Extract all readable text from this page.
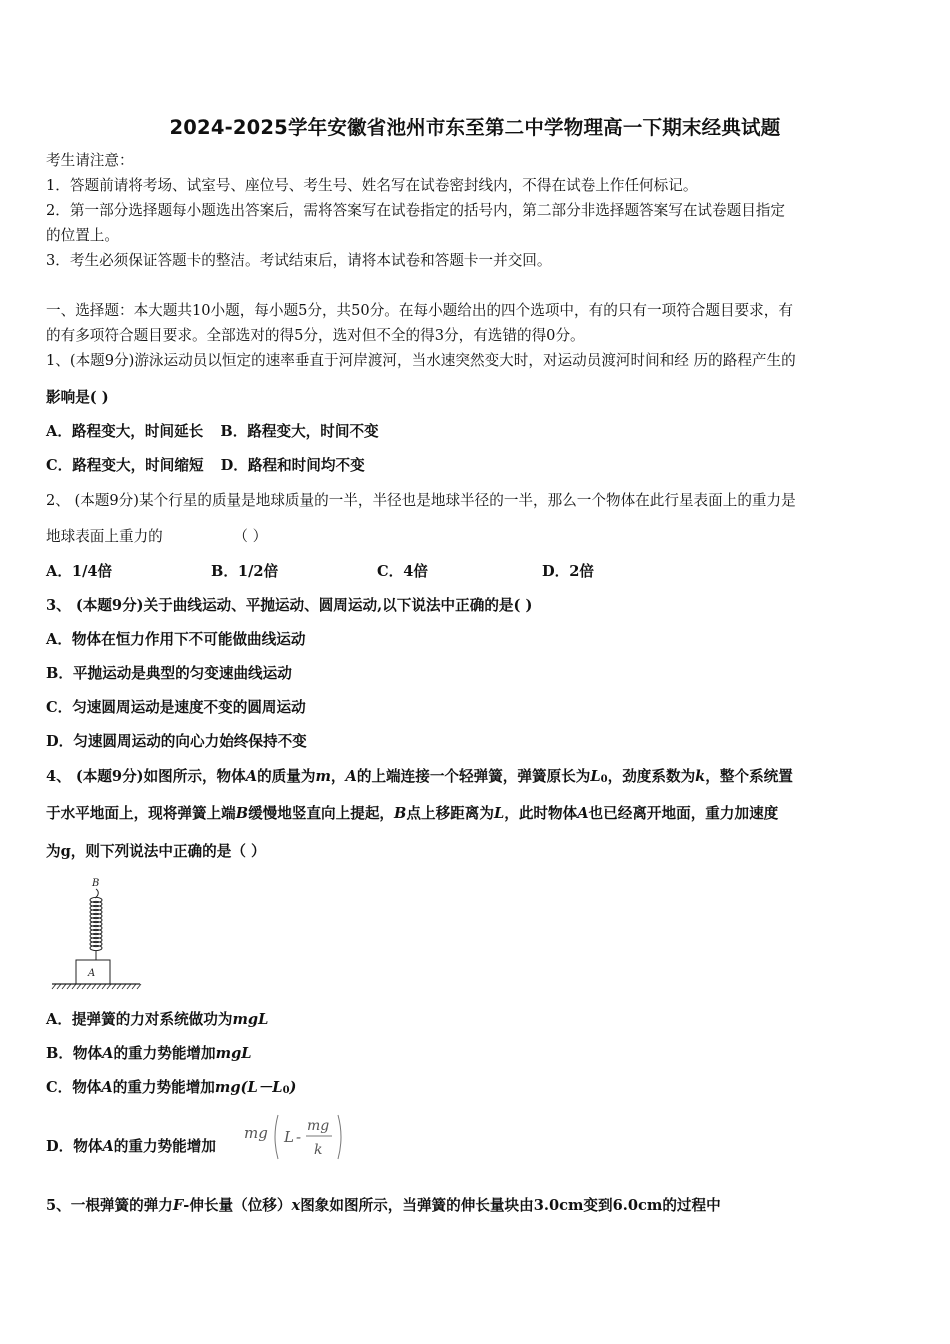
2024-2025学年安徽省池州市东至第二中学物理高一下期末经典试题
考生请注意：
1．答题前请将考场、试室号、座位号、考生号、姓名写在试卷密封线内，不得在试卷上作任何标记。
2．第一部分选择题每小题选出答案后，需将答案写在试卷指定的括号内，第二部分非选择题答案写在试卷题目指定
的位置上。
3．考生必须保证答题卡的整洁。考试结束后，请将本试卷和答题卡一并交回。
一、选择题：本大题共10小题，每小题5分，共50分。在每小题给出的四个选项中，有的只有一项符合题目要求，有
的有多项符合题目要求。全部选对的得5分，选对但不全的得3分，有选错的得0分。
1、(本题9分)游泳运动员以恒定的速率垂直于河岸渡河，当水速突然变大时，对运动员渡河时间和经 历的路程产生的
影响是( )
A．路程变大，时间延长 B．路程变大，时间不变
C．路程变大，时间缩短 D．路程和时间均不变
2、 (本题9分)某个行星的质量是地球质量的一半，半径也是地球半径的一半，那么一个物体在此行星表面上的重力是
地球表面上重力的	（ ）
A．1/4倍	B．1/2倍	C．4倍	D．2倍
3、 (本题9分)关于曲线运动、平抛运动、圆周运动,以下说法中正确的是( )
A．物体在恒力作用下不可能做曲线运动
B．平抛运动是典型的匀变速曲线运动
C．匀速圆周运动是速度不变的圆周运动
D．匀速圆周运动的向心力始终保持不变
4、 (本题9分)如图所示，物体A的质量为m，A的上端连接一个轻弹簧，弹簧原长为L0，劲度系数为k，整个系统置
于水平地面上，现将弹簧上端B缓慢地竖直向上提起，B点上移距离为L，此时物体A也已经离开地面，重力加速度
为g，则下列说法中正确的是（ ）
B
A
A．提弹簧的力对系统做功为mgL
B．物体A的重力势能增加mgL
C．物体A的重力势能增加mg(L－L0)
D．物体A的重力势能增加
mg L -
mg
k
5、一根弹簧的弹力F-伸长量（位移）x图象如图所示，当弹簧的伸长量块由3.0cm变到6.0cm的过程中
